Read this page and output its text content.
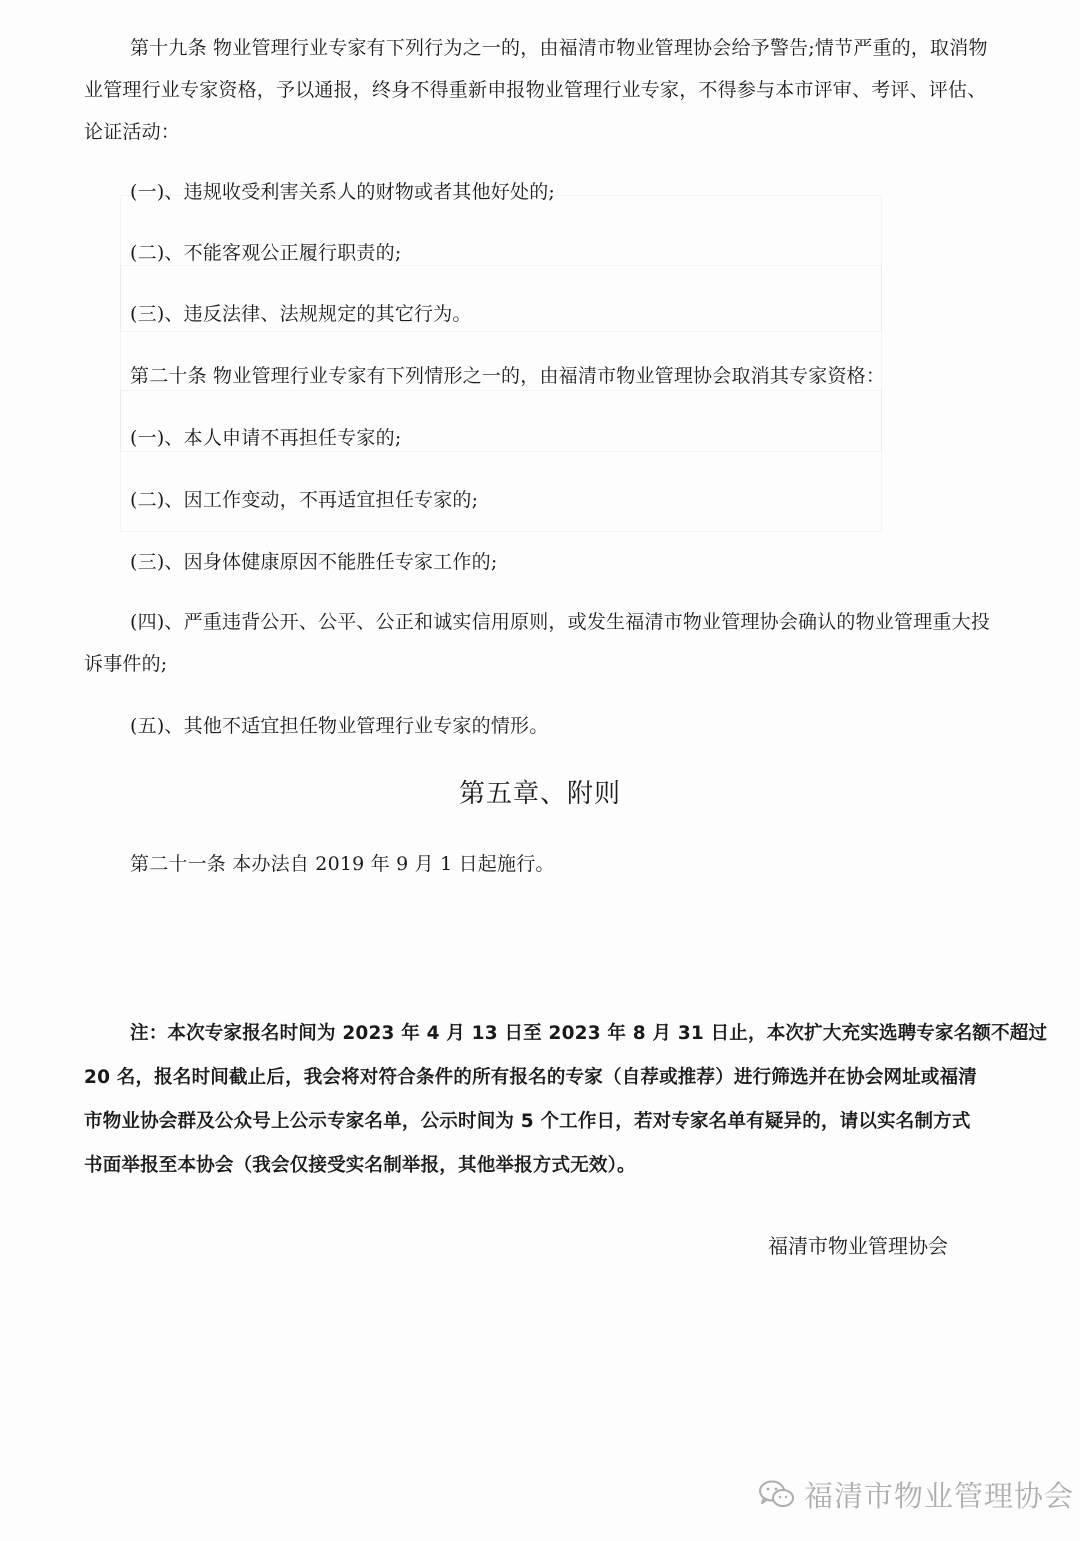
第十九条 物业管理行业专家有下列行为之一的，由福清市物业管理协会给予警告;情节严重的，取消物
业管理行业专家资格，予以通报，终身不得重新申报物业管理行业专家，不得参与本市评审、考评、评估、
论证活动：
(一)、违规收受利害关系人的财物或者其他好处的;
(二)、不能客观公正履行职责的;
(三)、违反法律、法规规定的其它行为。
第二十条 物业管理行业专家有下列情形之一的，由福清市物业管理协会取消其专家资格：
(一)、本人申请不再担任专家的;
(二)、因工作变动，不再适宜担任专家的;
(三)、因身体健康原因不能胜任专家工作的;
(四)、严重违背公开、公平、公正和诚实信用原则，或发生福清市物业管理协会确认的物业管理重大投
诉事件的;
(五)、其他不适宜担任物业管理行业专家的情形。
第五章、附则
第二十一条 本办法自 2019 年 9 月 1 日起施行。
注：本次专家报名时间为 2023 年 4 月 13 日至 2023 年 8 月 31 日止，本次扩大充实选聘专家名额不超过
20 名，报名时间截止后，我会将对符合条件的所有报名的专家（自荐或推荐）进行筛选并在协会网址或福清
市物业协会群及公众号上公示专家名单，公示时间为 5 个工作日，若对专家名单有疑异的，请以实名制方式
书面举报至本协会（我会仅接受实名制举报，其他举报方式无效）。
福清市物业管理协会
福清市物业管理协会
